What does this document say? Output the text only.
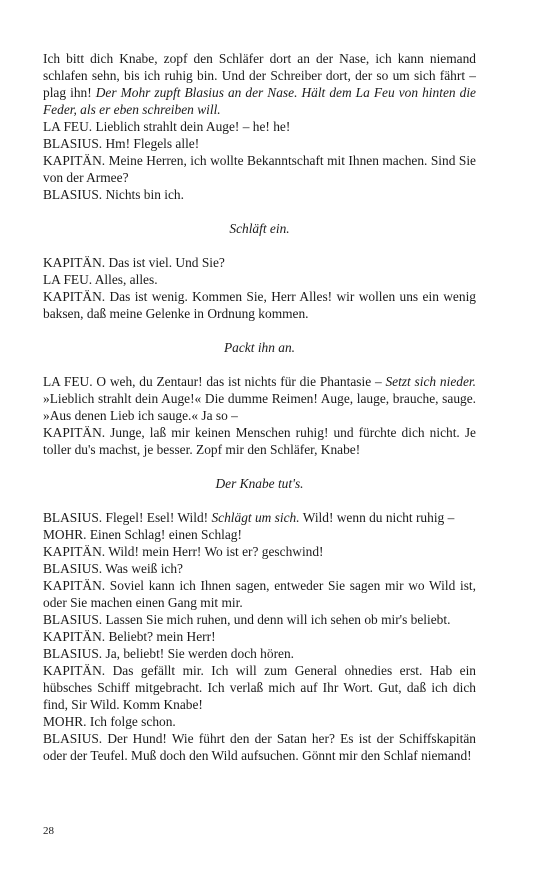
Ich bitt dich Knabe, zopf den Schläfer dort an der Nase, ich kann niemand schlafen sehn, bis ich ruhig bin. Und der Schreiber dort, der so um sich fährt – plag ihn! Der Mohr zupft Blasius an der Nase. Hält dem La Feu von hinten die Feder, als er eben schreiben will.

LA FEU. Lieblich strahlt dein Auge! – he! he!

BLASIUS. Hm! Flegels alle!

KAPITÄN. Meine Herren, ich wollte Bekanntschaft mit Ihnen machen. Sind Sie von der Armee?

BLASIUS. Nichts bin ich.

Schläft ein.

KAPITÄN. Das ist viel. Und Sie?

LA FEU. Alles, alles.

KAPITÄN. Das ist wenig. Kommen Sie, Herr Alles! wir wollen uns ein wenig baksen, daß meine Gelenke in Ordnung kommen.

Packt ihn an.

LA FEU. O weh, du Zentaur! das ist nichts für die Phantasie – Setzt sich nieder. »Lieblich strahlt dein Auge!« Die dumme Reimen! Auge, lauge, brauche, sauge. »Aus denen Lieb ich sauge.« Ja so –

KAPITÄN. Junge, laß mir keinen Menschen ruhig! und fürchte dich nicht. Je toller du's machst, je besser. Zopf mir den Schläfer, Knabe!

Der Knabe tut's.

BLASIUS. Flegel! Esel! Wild! Schlägt um sich. Wild! wenn du nicht ruhig –

MOHR. Einen Schlag! einen Schlag!

KAPITÄN. Wild! mein Herr! Wo ist er? geschwind!

BLASIUS. Was weiß ich?

KAPITÄN. Soviel kann ich Ihnen sagen, entweder Sie sagen mir wo Wild ist, oder Sie machen einen Gang mit mir.

BLASIUS. Lassen Sie mich ruhen, und denn will ich sehen ob mir's beliebt.

KAPITÄN. Beliebt? mein Herr!

BLASIUS. Ja, beliebt! Sie werden doch hören.

KAPITÄN. Das gefällt mir. Ich will zum General ohnedies erst. Hab ein hübsches Schiff mitgebracht. Ich verlaß mich auf Ihr Wort. Gut, daß ich dich find, Sir Wild. Komm Knabe!

MOHR. Ich folge schon.

BLASIUS. Der Hund! Wie führt den der Satan her? Es ist der Schiffskapitän oder der Teufel. Muß doch den Wild aufsuchen. Gönnt mir den Schlaf niemand!

28
